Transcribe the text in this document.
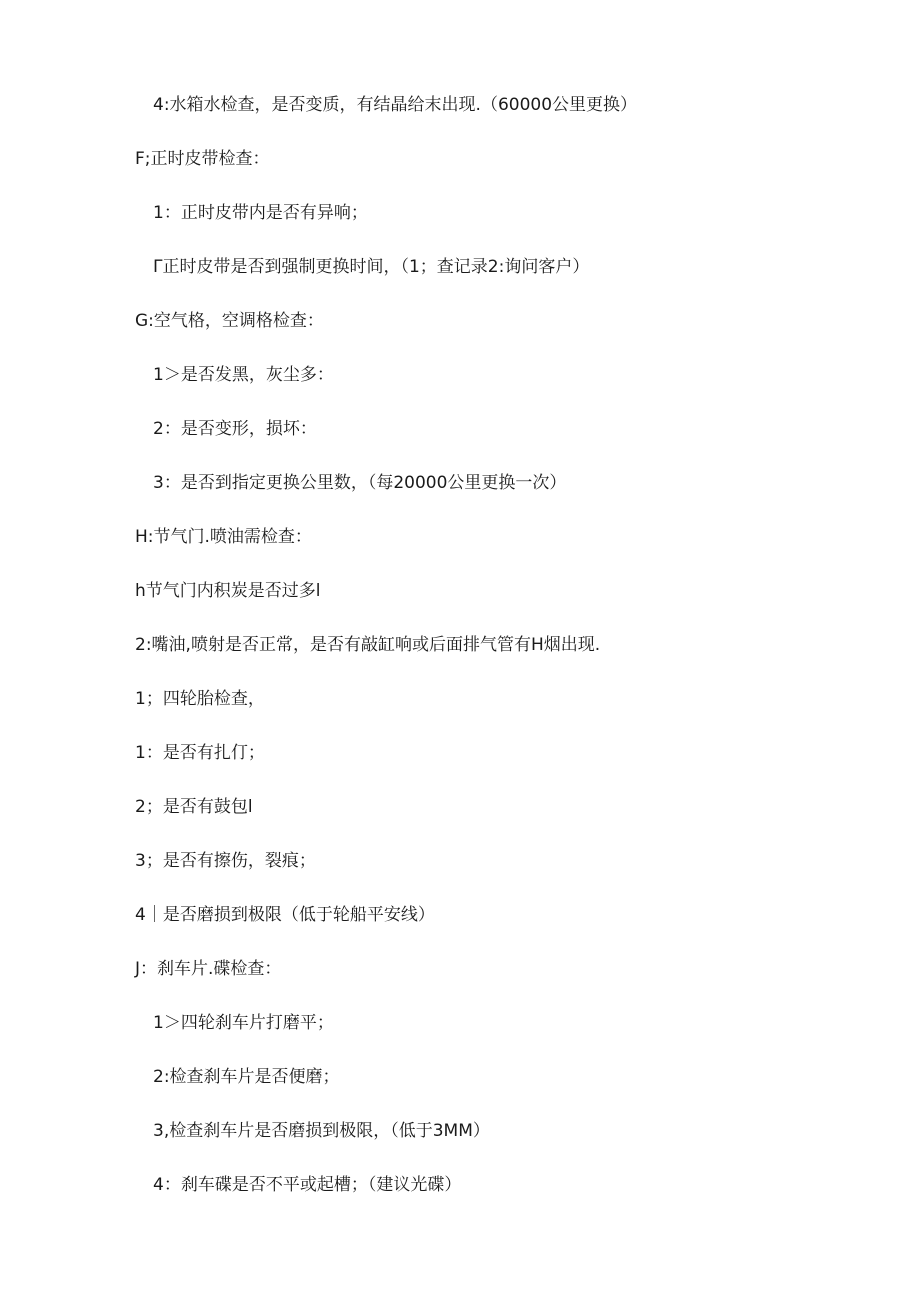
4:水箱水检查，是否变质，有结晶给末出现.（60000公里更换）
F;正时皮带检查：
1：正时皮带内是否有异响；
Γ正时皮带是否到强制更换时间，（1；查记录2:询问客户）
G:空气格，空调格检查：
1＞是否发黑，灰尘多：
2：是否变形，损坏：
3：是否到指定更换公里数，（每20000公里更换一次）
H:节气门.喷油需检查：
h节气门内积炭是否过多l
2:嘴油,喷射是否正常，是否有敲缸响或后面排气管有H烟出现.
1；四轮胎检查，
1：是否有扎仃；
2；是否有鼓包l
3；是否有擦伤，裂痕；
4｜是否磨损到极限（低于轮船平安线）
J：刹车片.碟检查：
1＞四轮刹车片打磨平；
2:检查刹车片是否便磨；
3,检查刹车片是否磨损到极限，（低于3MM）
4：刹车碟是否不平或起槽；（建议光碟）
